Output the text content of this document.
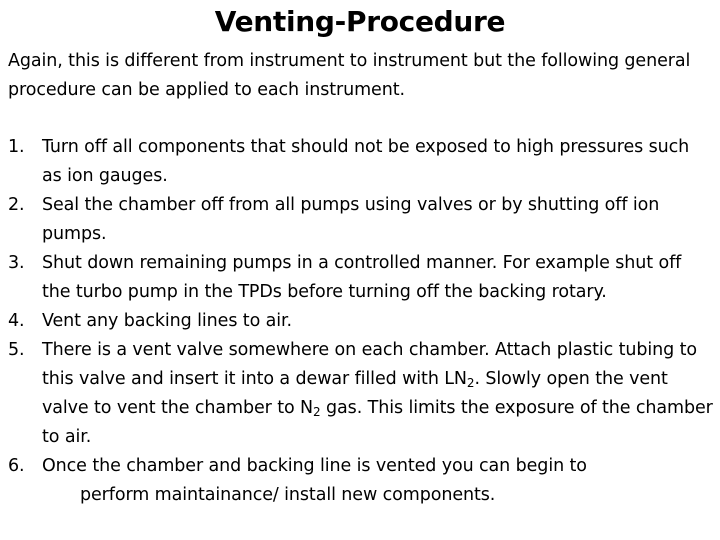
Venting-Procedure
Again, this is different from instrument to instrument but the following general procedure can be applied to each instrument.
1. Turn off all components that should not be exposed to high pressures such as ion gauges.
2. Seal the chamber off from all pumps using valves or by shutting off ion pumps.
3. Shut down remaining pumps in a controlled manner. For example shut off the turbo pump in the TPDs before turning off the backing rotary.
4. Vent any backing lines to air.
5. There is a vent valve somewhere on each chamber. Attach plastic tubing to this valve and insert it into a dewar filled with $LN_2$. Slowly open the vent valve to vent the chamber to $N_2$ gas. This limits the exposure of the chamber to air.
6. Once the chamber and backing line is vented you can begin to
perform maintainance/ install new components.
